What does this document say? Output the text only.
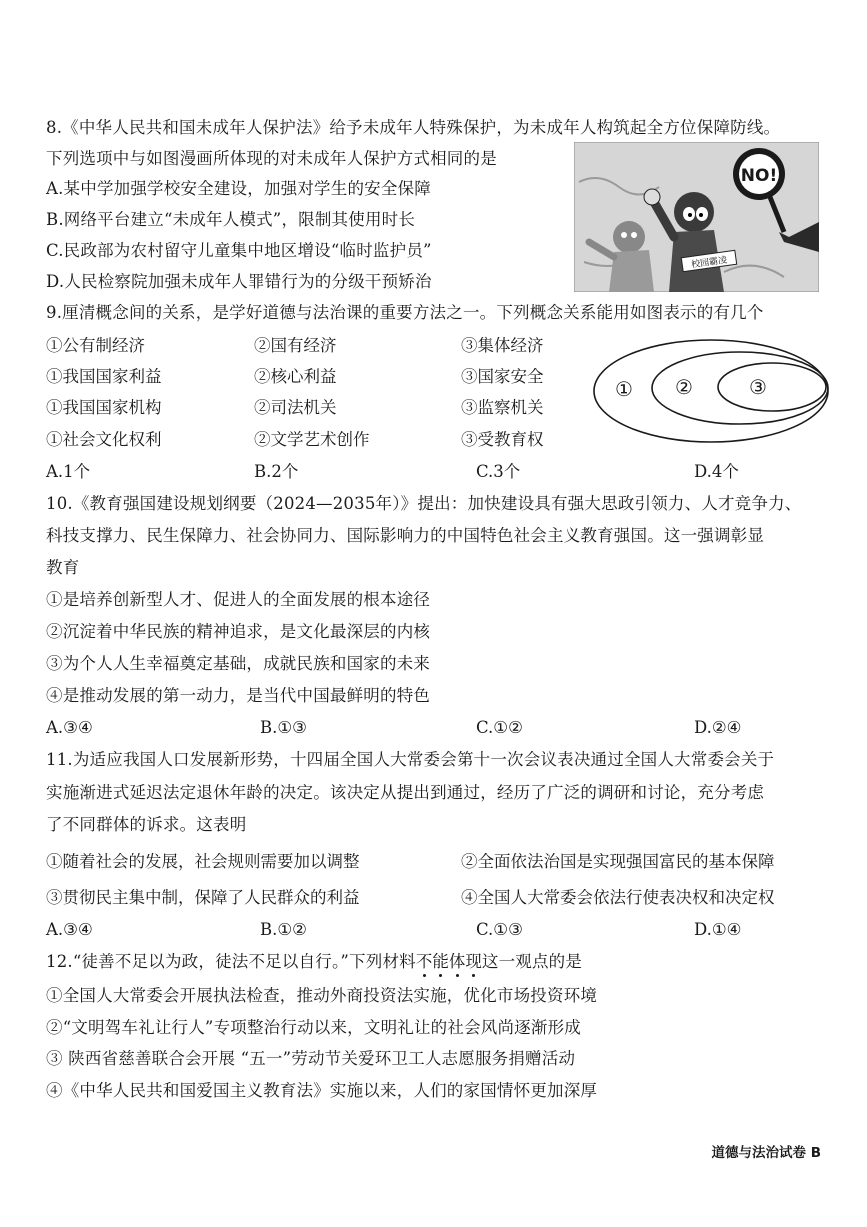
8.《中华人民共和国未成年人保护法》给予未成年人特殊保护，为未成年人构筑起全方位保障防线。
下列选项中与如图漫画所体现的对未成年人保护方式相同的是
A.某中学加强学校安全建设，加强对学生的安全保障
B.网络平台建立“未成年人模式”，限制其使用时长
C.民政部为农村留守儿童集中地区增设“临时监护员”
D.人民检察院加强未成年人罪错行为的分级干预矫治
NO!
校园霸凌
9.厘清概念间的关系，是学好道德与法治课的重要方法之一。下列概念关系能用如图表示的有几个
①公有制经济	②国有经济	③集体经济
①我国国家利益	②核心利益	③国家安全
①我国国家机构	②司法机关	③监察机关
①社会文化权利	②文学艺术创作	③受教育权
① ②	③
A.1个	B.2个	C.3个	D.4个
10.《教育强国建设规划纲要（2024—2035年）》提出：加快建设具有强大思政引领力、人才竞争力、
科技支撑力、民生保障力、社会协同力、国际影响力的中国特色社会主义教育强国。这一强调彰显
教育
①是培养创新型人才、促进人的全面发展的根本途径
②沉淀着中华民族的精神追求，是文化最深层的内核
③为个人人生幸福奠定基础，成就民族和国家的未来
④是推动发展的第一动力，是当代中国最鲜明的特色
A.③④	B.①③	C.①②	D.②④
11.为适应我国人口发展新形势，十四届全国人大常委会第十一次会议表决通过全国人大常委会关于
实施渐进式延迟法定退休年龄的决定。该决定从提出到通过，经历了广泛的调研和讨论，充分考虑
了不同群体的诉求。这表明
①随着社会的发展，社会规则需要加以调整	②全面依法治国是实现强国富民的基本保障
③贯彻民主集中制，保障了人民群众的利益	④全国人大常委会依法行使表决权和决定权
A.③④	B.①②	C.①③	D.①④
12.“徒善不足以为政，徒法不足以自行。”下列材料不能体现这一观点的是
①全国人大常委会开展执法检查，推动外商投资法实施，优化市场投资环境
②“文明驾车礼让行人”专项整治行动以来，文明礼让的社会风尚逐渐形成
③ 陕西省慈善联合会开展 “五一”劳动节关爱环卫工人志愿服务捐赠活动
④《中华人民共和国爱国主义教育法》实施以来，人们的家国情怀更加深厚
道德与法治试卷 B
